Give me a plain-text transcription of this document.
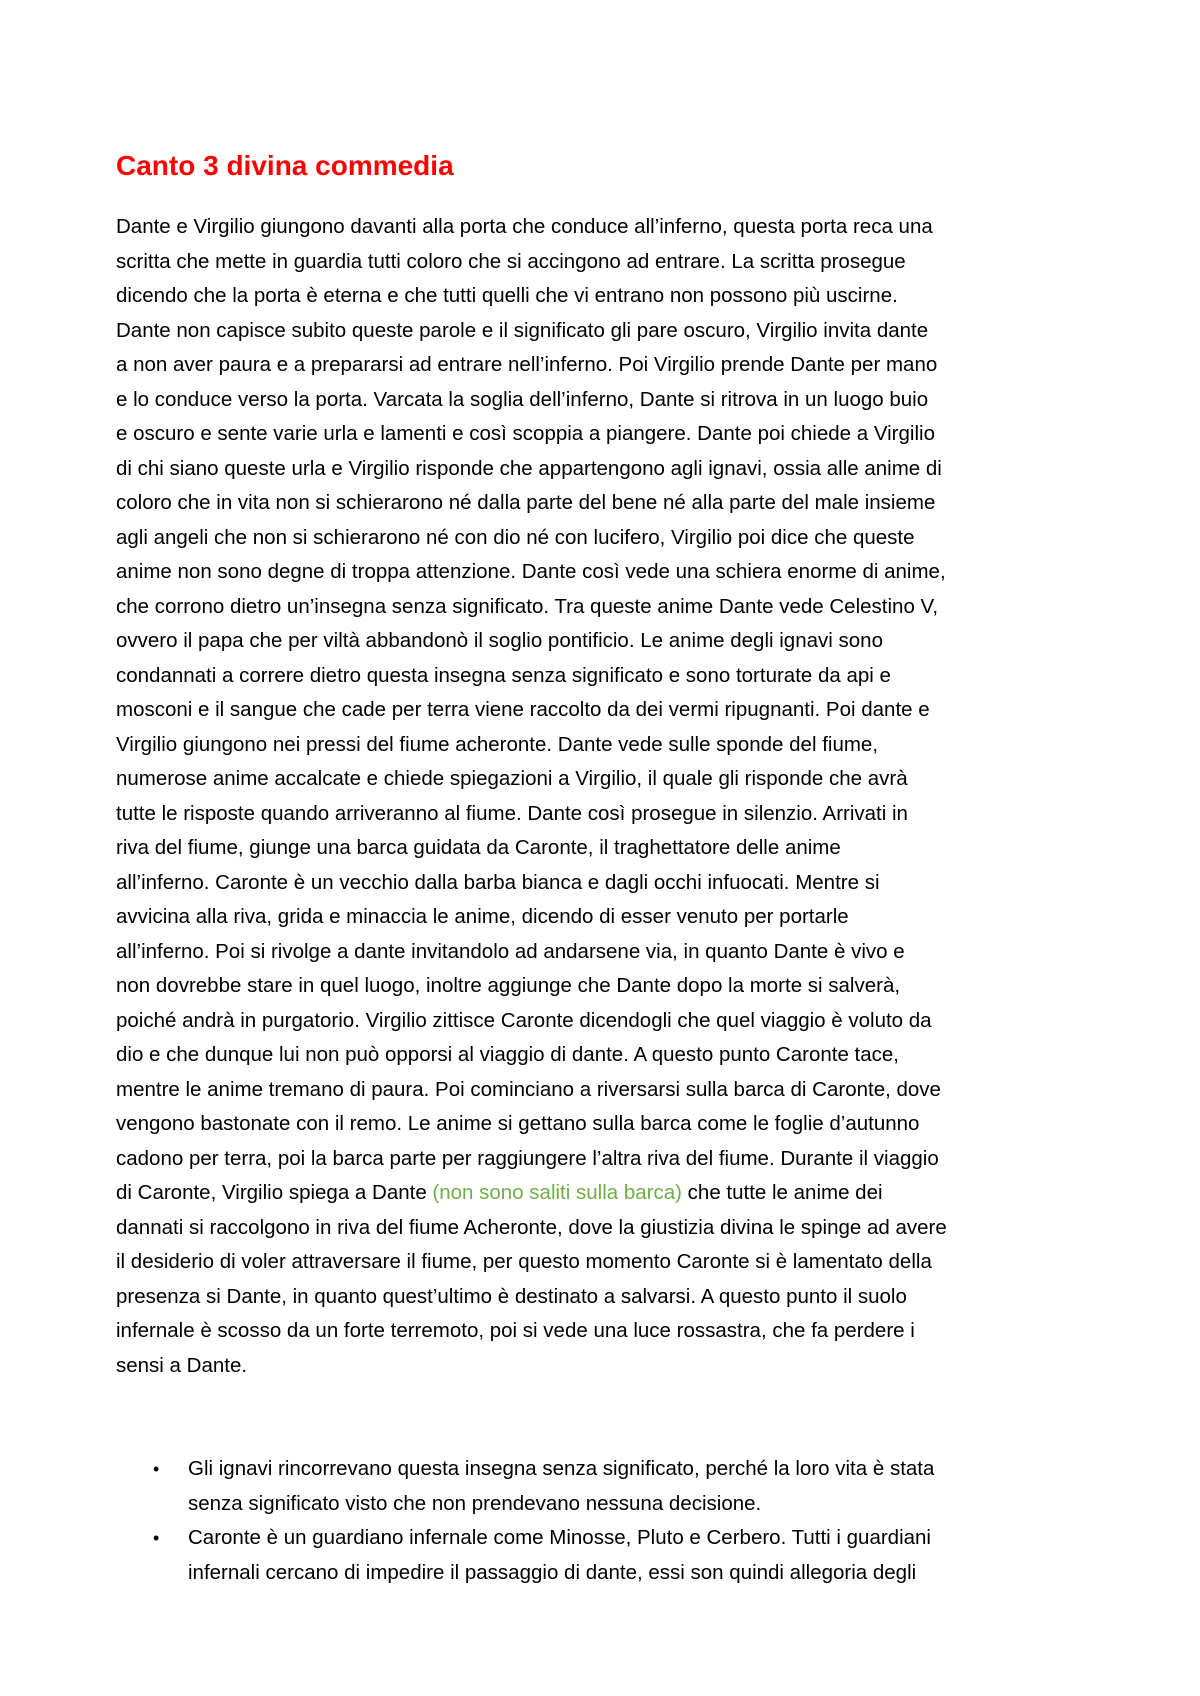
Canto 3 divina commedia
Dante e Virgilio giungono davanti alla porta che conduce all’inferno, questa porta reca una
scritta che mette in guardia tutti coloro che si accingono ad entrare. La scritta prosegue
dicendo che la porta è eterna e che tutti quelli che vi entrano non possono più uscirne.
Dante non capisce subito queste parole e il significato gli pare oscuro, Virgilio invita dante
a non aver paura e a prepararsi ad entrare nell’inferno. Poi Virgilio prende Dante per mano
e lo conduce verso la porta. Varcata la soglia dell’inferno, Dante si ritrova in un luogo buio
e oscuro e sente varie urla e lamenti e così scoppia a piangere. Dante poi chiede a Virgilio
di chi siano queste urla e Virgilio risponde che appartengono agli ignavi, ossia alle anime di
coloro che in vita non si schierarono né dalla parte del bene né alla parte del male insieme
agli angeli che non si schierarono né con dio né con lucifero, Virgilio poi dice che queste
anime non sono degne di troppa attenzione. Dante così vede una schiera enorme di anime,
che corrono dietro un’insegna senza significato. Tra queste anime Dante vede Celestino V,
ovvero il papa che per viltà abbandonò il soglio pontificio. Le anime degli ignavi sono
condannati a correre dietro questa insegna senza significato e sono torturate da api e
mosconi e il sangue che cade per terra viene raccolto da dei vermi ripugnanti. Poi dante e
Virgilio giungono nei pressi del fiume acheronte. Dante vede sulle sponde del fiume,
numerose anime accalcate e chiede spiegazioni a Virgilio, il quale gli risponde che avrà
tutte le risposte quando arriveranno al fiume. Dante così prosegue in silenzio. Arrivati in
riva del fiume, giunge una barca guidata da Caronte, il traghettatore delle anime
all’inferno. Caronte è un vecchio dalla barba bianca e dagli occhi infuocati. Mentre si
avvicina alla riva, grida e minaccia le anime, dicendo di esser venuto per portarle
all’inferno. Poi si rivolge a dante invitandolo ad andarsene via, in quanto Dante è vivo e
non dovrebbe stare in quel luogo, inoltre aggiunge che Dante dopo la morte si salverà,
poiché andrà in purgatorio. Virgilio zittisce Caronte dicendogli che quel viaggio è voluto da
dio e che dunque lui non può opporsi al viaggio di dante. A questo punto Caronte tace,
mentre le anime tremano di paura. Poi cominciano a riversarsi sulla barca di Caronte, dove
vengono bastonate con il remo. Le anime si gettano sulla barca come le foglie d’autunno
cadono per terra, poi la barca parte per raggiungere l’altra riva del fiume. Durante il viaggio
di Caronte, Virgilio spiega a Dante (non sono saliti sulla barca) che tutte le anime dei
dannati si raccolgono in riva del fiume Acheronte, dove la giustizia divina le spinge ad avere
il desiderio di voler attraversare il fiume, per questo momento Caronte si è lamentato della
presenza si Dante, in quanto quest’ultimo è destinato a salvarsi. A questo punto il suolo
infernale è scosso da un forte terremoto, poi si vede una luce rossastra, che fa perdere i
sensi a Dante.
• Gli ignavi rincorrevano questa insegna senza significato, perché la loro vita è stata
senza significato visto che non prendevano nessuna decisione.
• Caronte è un guardiano infernale come Minosse, Pluto e Cerbero. Tutti i guardiani
infernali cercano di impedire il passaggio di dante, essi son quindi allegoria degli
